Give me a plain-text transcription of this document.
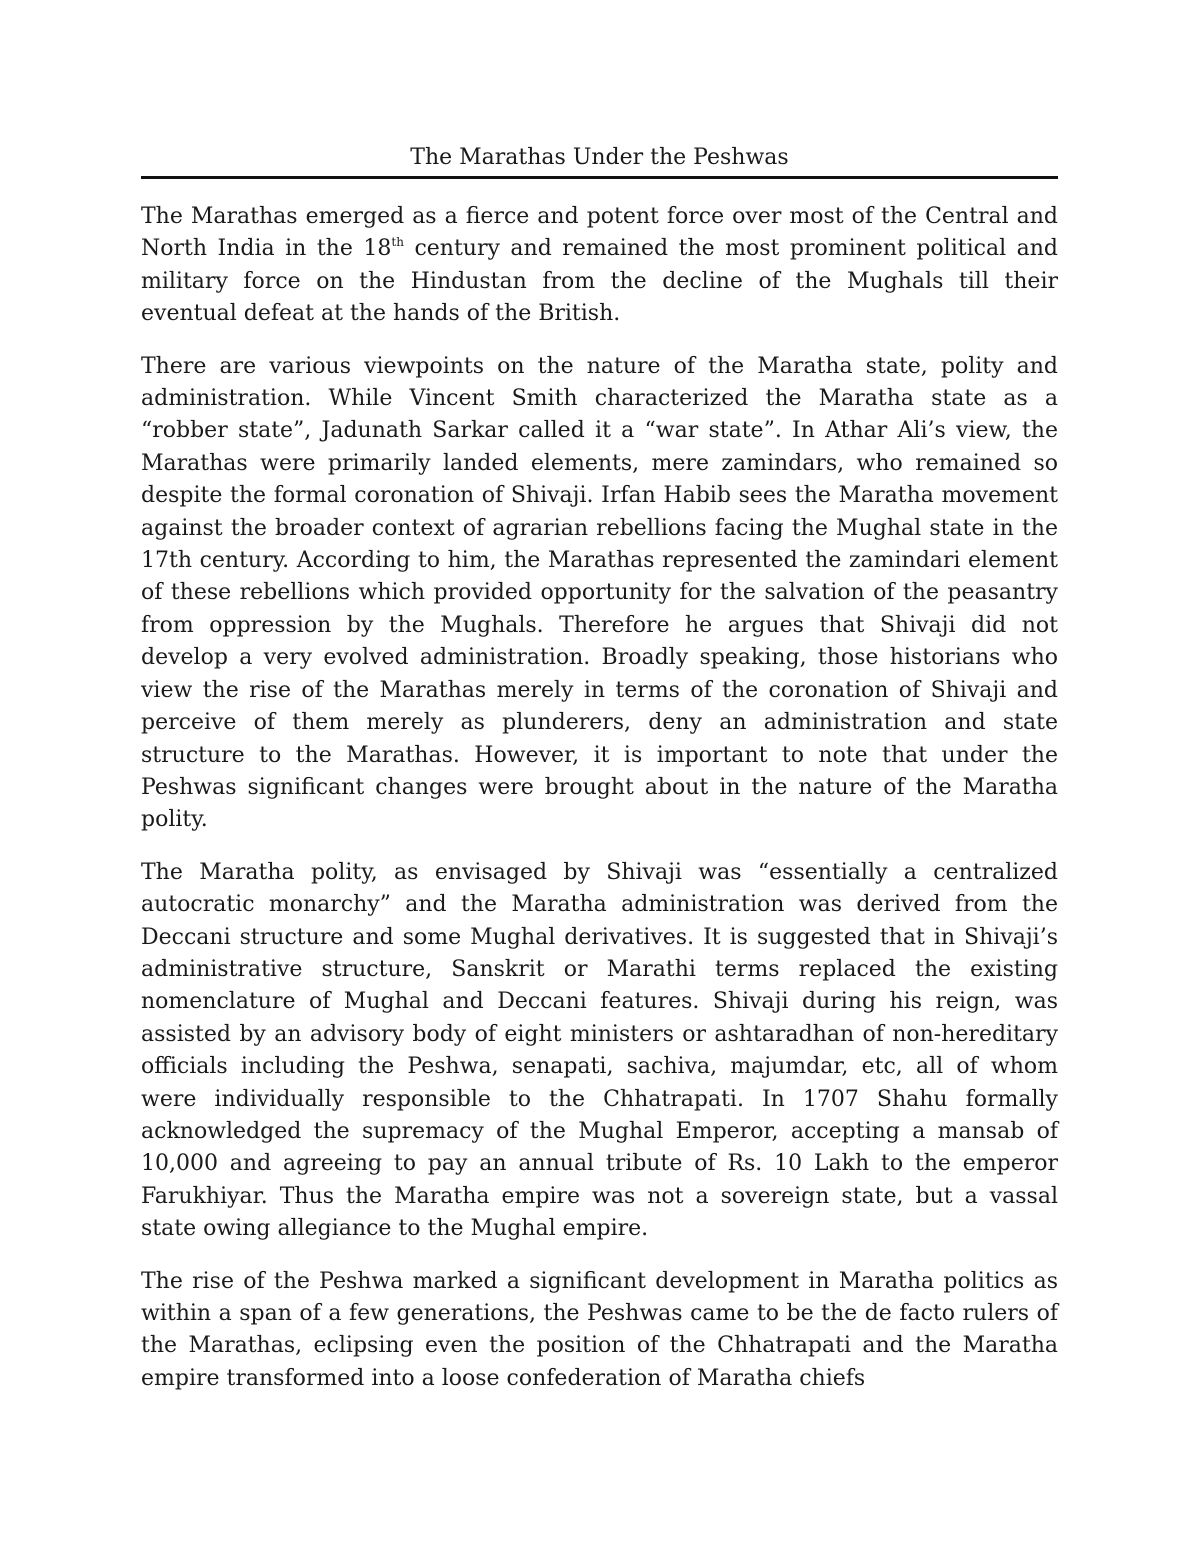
The Marathas Under the Peshwas

The Marathas emerged as a fierce and potent force over most of the Central and North India in the 18th century and remained the most prominent political and military force on the Hindustan from the decline of the Mughals till their eventual defeat at the hands of the British.

There are various viewpoints on the nature of the Maratha state, polity and administration. While Vincent Smith characterized the Maratha state as a “robber state”, Jadunath Sarkar called it a “war state”. In Athar Ali’s view, the Marathas were primarily landed elements, mere zamindars, who remained so despite the formal coronation of Shivaji. Irfan Habib sees the Maratha movement against the broader context of agrarian rebellions facing the Mughal state in the 17th century. According to him, the Marathas represented the zamindari element of these rebellions which provided opportunity for the salvation of the peasantry from oppression by the Mughals. Therefore he argues that Shivaji did not develop a very evolved administration. Broadly speaking, those historians who view the rise of the Marathas merely in terms of the coronation of Shivaji and perceive of them merely as plunderers, deny an administration and state structure to the Marathas. However, it is important to note that under the Peshwas significant changes were brought about in the nature of the Maratha polity.

The Maratha polity, as envisaged by Shivaji was “essentially a centralized autocratic monarchy” and the Maratha administration was derived from the Deccani structure and some Mughal derivatives. It is suggested that in Shivaji’s administrative structure, Sanskrit or Marathi terms replaced the existing nomenclature of Mughal and Deccani features. Shivaji during his reign, was assisted by an advisory body of eight ministers or ashtaradhan of non-hereditary officials including the Peshwa, senapati, sachiva, majumdar, etc, all of whom were individually responsible to the Chhatrapati. In 1707 Shahu formally acknowledged the supremacy of the Mughal Emperor, accepting a mansab of 10,000 and agreeing to pay an annual tribute of Rs. 10 Lakh to the emperor Farukhiyar. Thus the Maratha empire was not a sovereign state, but a vassal state owing allegiance to the Mughal empire.

The rise of the Peshwa marked a significant development in Maratha politics as within a span of a few generations, the Peshwas came to be the de facto rulers of the Marathas, eclipsing even the position of the Chhatrapati and the Maratha empire transformed into a loose confederation of Maratha chiefs
